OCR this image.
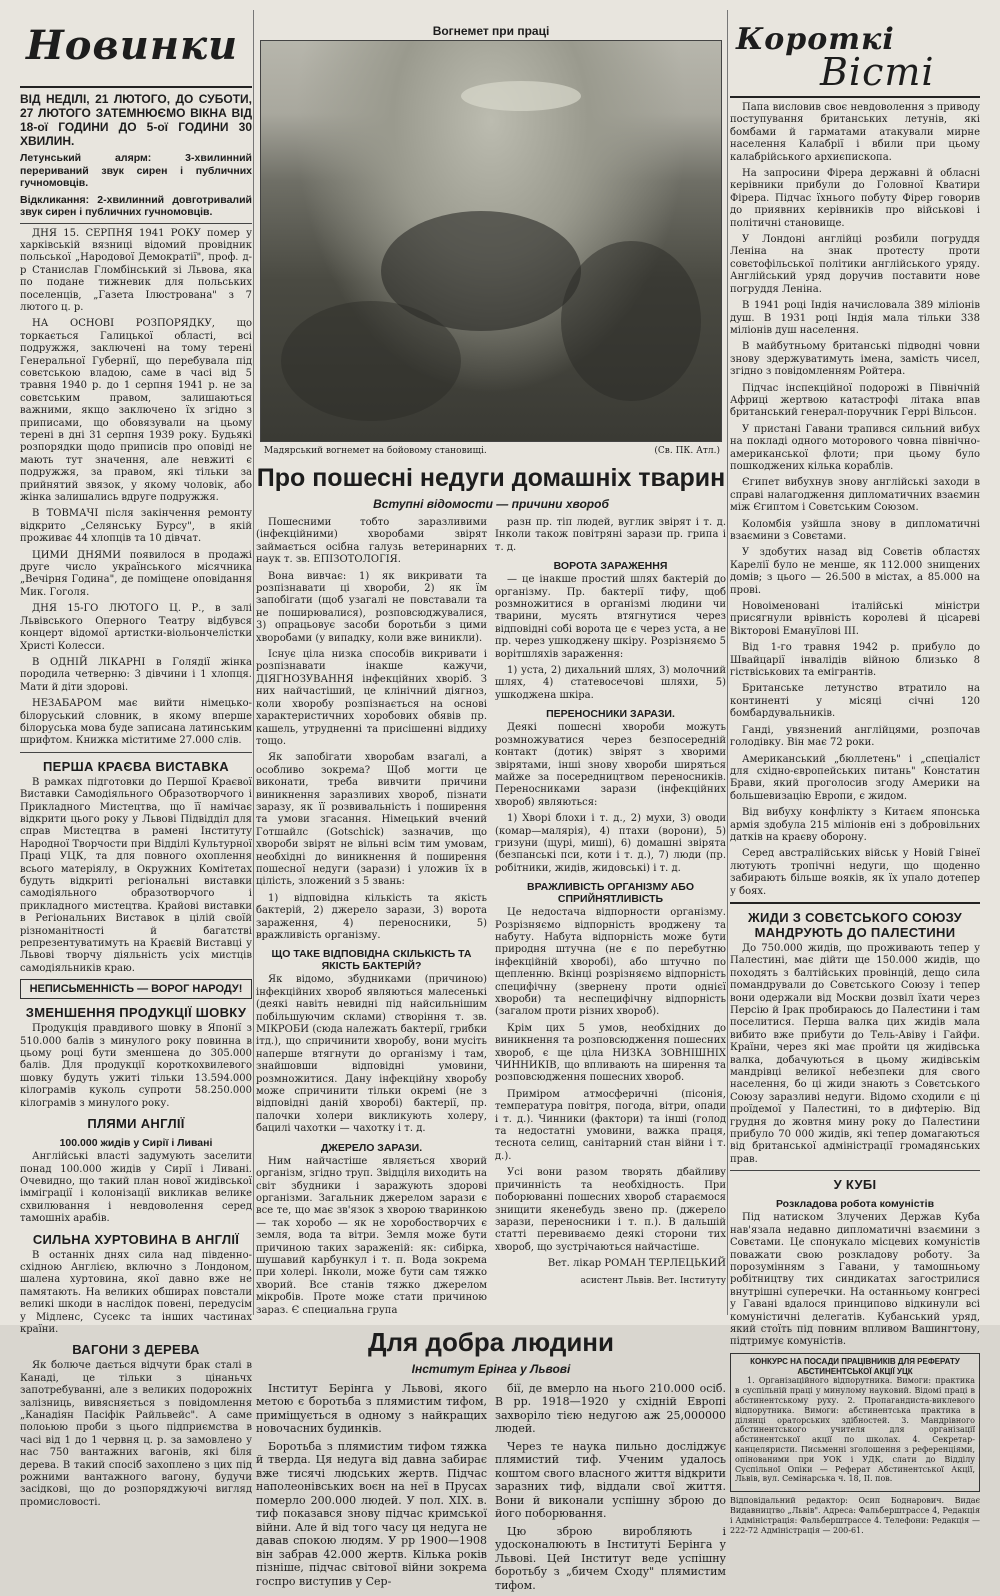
Новинки

ВІД НЕДІЛІ, 21 ЛЮТОГО, ДО СУБОТИ, 27 ЛЮТОГО ЗАТЕМНЮЄМО ВІКНА ВІД 18-ої ГОДИНИ ДО 5-ої ГОДИНИ 30 ХВИЛИН.

Летунський алярм: 3-хвилинний перериваний звук сирен і публичних гучномовців.

Відкликання: 2-хвилинний довготривалий звук сирен і публичних гучномовців.

ДНЯ 15. СЕРПНЯ 1941 РОКУ помер у харківській вязниці відомий провідник польської „Народової Демократії", проф. д-р Станислав Гломбінський зі Львова, яка по подане тижневик для польських поселенців, „Газета Ілюстрована" з 7 лютого ц. р.

НА ОСНОВІ РОЗПОРЯДКУ, що торкається Галицької області, всі подружжя, заключені на тому терені Генеральної Губернії, що перебувала під совєтською владою, саме в часі від 5 травня 1940 р. до 1 серпня 1941 р. не за совєтським правом, залишаються важними, якщо заключено їх згідно з приписами, що обовязували на цьому терені в дні 31 серпня 1939 року. Будьякі розпорядки щодо приписів про оповіді не мають тут значення, але невжиті є подружжя, за правом, які тільки за прийнятий звязок, у якому чоловік, або жінка залишались вдруге подружжя.

В ТОВМАЧІ після закінчення ремонту відкрито „Селянську Бурсу", в якій проживає 44 хлопців та 10 дівчат.

ЦИМИ ДНЯМИ появилося в продажі друге число українського місячника „Вечірня Година", де поміщене оповідання Мик. Гоголя.

ДНЯ 15-ГО ЛЮТОГО Ц. Р., в залі Львівського Оперного Театру відбувся концерт відомої артистки-віольончелістки Христі Колесси.

В ОДНІЙ ЛІКАРНІ в Голядії жінка породила четверню: 3 дівчини і 1 хлопця. Мати й діти здорові.

НЕЗАБАРОМ має вийти німецько-білоруський словник, в якому вперше білоруська мова буде записана латинським шрифтом. Книжка міститиме 27.000 слів.

ПЕРША КРАЄВА ВИСТАВКА

В рамках підготовки до Першої Краєвої Виставки Самодіяльного Образотворчого і Прикладного Мистецтва, що її намічає відкрити цього року у Львові Підвідділ для справ Мистецтва в рамені Інституту Народної Творчости при Відділі Культурної Праці УЦК, та для повного охоплення всього матеріялу, в Окружних Комітетах будуть відкриті регіональні виставки самодіяльного образотворчого і прикладного мистецтва. Крайові виставки в Регіональних Виставок в цілій своїй різноманітності й багатстві репрезентуватимуть на Краєвій Виставці у Львові творчу діяльність усіх мистців самодіяльників краю.

НЕПИСЬМЕННІСТЬ — ВОРОГ НАРОДУ!
ЗМЕНШЕННЯ ПРОДУКЦІЇ ШОВКУ

Продукція правдивого шовку в Японії з 510.000 балів з минулого року повинна в цьому році бути зменшена до 305.000 балів. Для продукції короткохвилевого шовку будуть ужиті тільки 13.594.000 кілограмів куколь супроти 58.250.000 кілограмів з минулого року.

ПЛЯМИ АНГЛІЇ
100.000 жидів у Сирії і Ливані

Англійські власті задумують заселити понад 100.000 жидів у Сирії і Ливані. Очевидно, що такий план нової жидівської імміграції і колонізації викликав велике схвилювання і невдоволення серед тамошніх арабів.

СИЛЬНА ХУРТОВИНА В АНГЛІЇ

В останніх днях сила над південно-східною Англією, включно з Лондоном, шалена хуртовина, якої давно вже не памятають. На великих обширах повстали великі шкоди в наслідок повені, передусім у Мідленс, Сусекс та інших частинах країни.

ВАГОНИ З ДЕРЕВА

Як болюче дається відчути брак сталі в Канаді, це тільки з цінаньчх запотребуванні, але з великих подорожніх залізниць, вивясняється з повідомлення „Канадіян Пасіфік Райльвейс". А саме полоьюю проби з цього підприємства в часі від 1 до 1 червня ц. р. за замовлено у нас 750 вантажних вагонів, які біля дерева. В такий спосіб захоплено з цих під рожними вантажного вагону, будучи засідкові, що до розпоряджуючі вигляд промисловості.

Вогнемет при праці
Мадярський вогнемет на бойовому становищі.	(Св. ПК. Атл.)
Про пошесні недуги домашніх тварин
Вступні відомости — причини хвороб

Пошесними тобто заразливими (інфекційними) хворобами звірят займається осібна галузь ветеринарних наук т. зв. ЕПІЗОТОЛОГІЯ.

Вона вивчає: 1) як викривати та розпізнавати ці хвороби, 2) як їм запобігати (щоб узагалі не повставали та не поширювалися), розповсюджувалися, 3) опрацьовує засоби боротьби з цими хворобами (у випадку, коли вже виникли).

Існує ціла низка способів викривати і розпізнавати інакше кажучи, ДІЯГНОЗУВАННЯ інфекційних хворіб. З них найчастіший, це клінічний діягноз, коли хворобу розпізнається на основі характеристичних хоробових обявів пр. кашель, утрудненні та присішенні віддиху тощо.

Як запобігати хворобам взагалі, а особливо зокрема? Щоб могти це виконати, треба вивчити причини виникнення заразливих хвороб, пізнати заразу, як її розвивальність і поширення та умови згасання. Німецький вчений Готшайлс (Gotschick) зазначив, що хвороби звірят не вільні всім тим умовам, необхідні до виникнення й поширення пошесної недуги (зарази) і уложив їх в цілість, зложений з 5 звань:

1) відповідна кількість та якість бактерій, 2) джерело зарази, 3) ворота зараження, 4) переносники, 5) вражливість організму.

ЩО ТАКЕ ВІДПОВІДНА СКІЛЬКІСТЬ ТА ЯКІСТЬ БАКТЕРІЙ?

Як відомо, збудниками (причиною) інфекційних хвороб являються малесенькі (деякі навіть невидні під найсильнішим побільшуючим склами) створіння т. зв. МІКРОБИ (сюда належать бактерії, грибки ітд.), що спричинити хворобу, вони мусіть наперше втягнути до організму і там, знайшовши відповідні умовини, розмножитися. Дану інфекційну хворобу може спричинити тільки окремі (не з відповідні даній хворобі) бактерії, пр. палочки холери викликують холеру, бацилі чахотки — чахотку і т. д.

ДЖЕРЕЛО ЗАРАЗИ.

Ним найчастіше являється хворий організм, згідно труп. Звідціля виходить на світ збудники і заражують здорові організми. Загальник джерелом зарази є все те, що має зв'язок з хворою тваринкою — так хоробо — як не хоробостворчих є земля, вода та вітри. Земля може бути причиною таких зараженій: як: сибірка, шушавий карбункул і т. п. Вода зокрема при холері. Інколи, може бути сам тяжко хворий. Все станів тяжко джерелом мікробів. Проте може стати причиною зараз. Є специальна група

разн пр. тіп людей, вуглик звірят і т. д. Інколи також повітряні зарази пр. грипа і т. д.

ВОРОТА ЗАРАЖЕННЯ

— це інакше простий шлях бактерій до організму. Пр. бактерії тифу, щоб розмножитися в організмі людини чи тварини, мусять втягнутися через відповідні собі ворота це є через уста, а не пр. через ушкоджену шкіру. Розрізняємо 5 ворітшляхів зараження:

1) уста, 2) дихальний шлях, 3) молочний шлях, 4) статевосечові шляхи, 5) ушкоджена шкіра.

ПЕРЕНОСНИКИ ЗАРАЗИ.

Деякі пошесні хвороби можуть розмножуватися через безпосередній контакт (дотик) звірят з хворими звірятами, інші знову хвороби ширяться майже за посередництвом переносників. Переносниками зарази (інфекційних хвороб) являються:

1) Хворі блохи і т. д., 2) мухи, 3) оводи (комар—малярія), 4) птахи (ворони), 5) гризуни (щурі, миші), 6) домашні звірята (безпанські пси, коти і т. д.), 7) люди (пр. робітники, жидів, жидовські) і т. д.

ВРАЖЛИВІСТЬ ОРГАНІЗМУ АБО СПРИЙНЯТЛИВІСТЬ

Це недостача відпорности організму. Розрізняємо відпорність вроджену та набуту. Набута відпорність може бути природня штучна (не є по перебутню інфекційній хворобі), або штучно по щепленню. Вкінці розрізняємо відпорність специфічну (звернену проти однієї хвороби) та неспецифічну відпорність (загалом проти різних хвороб).

Крім цих 5 умов, необхідних до виникнення та розповсюдження пошесних хвороб, є ще ціла НИЗКА ЗОВНІШНІХ ЧИННИКІВ, що впливають на ширення та розповсюдження пошесних хвороб.

Приміром атмосферичні (пісонія, температура повітря, погода, вітри, опади і т. д.). Чинники (фактори) та інші (голод та недостатні умовини, важка праця, теснота селищ, санітарний стан війни і т. д.).

Усі вони разом творять дбайливу причинність та необхідность. При поборюванні пошесних хвороб стараємося знищити якенебудь звено пр. (джерело зарази, переносники і т. п.). В дальшій статті перевиваємо деякі сторони тих хвороб, що зустрічаються найчастіше.

Вет. лікар РОМАН ТЕРЛЕЦЬКИЙ

асистент Львів. Вет. Інституту

Для добра людини
Інститут Ерінга у Львові

Інститут Берінга у Львові, якого метою є боротьба з плямистим тифом, приміщується в одному з найкращих новочасних будинків.

Боротьба з плямистим тифом тяжка й тверда. Ця недуга від давна забирає вже тисячі людських жертв. Підчас наполеонівських воєн на неї в Прусах померло 200.000 людей. У пол. XIX. в. тиф показався знову підчас кримської війни. Але й від того часу ця недуга не давав спокою людям. У рр 1900—1908 він забрав 42.000 жертв. Кілька років пізніше, підчас світової війни зокрема госпро виступив у Сер-

бії, де вмерло на нього 210.000 осіб. В рр. 1918—1920 у східній Европі захворіло тією недугою аж 25,000000 людей.

Через те наука пильно досліджує плямистий тиф. Ученим удалось коштом свого власного життя відкрити зарaзних тиф, віддали свої життя. Вони й виконали успішну зброю до його поборювання.

Цю зброю виробляють і удосконалюють в Інституті Берінга у Львові. Цей Інститут веде успішну боротьбу з „бичем Сходу" плямистим тифом.

Короткі
Вісті

Папа висловив своє невдоволення з приводу поступування британських летунів, які бомбами й гарматами атакували мирне населення Калабрії і вбили при цьому калабрійського архиєпископа.

На запросини Фірера державні й обласні керівники прибули до Головної Кватири Фірера. Підчас їхнього побуту Фірер говорив до приявних керівників про військові і політичні становище.

У Лондоні англійці розбили погруддя Леніна на знак протесту проти совєтофільської політики англійського уряду. Англійський уряд доручив поставити нове погруддя Леніна.

В 1941 році Індія начисловала 389 міліонів душ. В 1931 році Індія мала тільки 338 міліонів душ населення.

В майбутньому британські підводні човни знову здержуватимуть імена, замість чисел, згідно з повідомленням Ройтера.

Підчас інспекційної подорожі в Північній Африці жертвою катастрофі літака впав британський генерал-поручник Геррі Вільсон.

У пристані Гавани трапився сильний вибух на покладі одного моторового човна північно-американської флоти; при цьому було пошкоджених кілька кораблів.

Єгипет вибухнув знову англійські заходи в справі налагодження дипломатичних взаємин між Єгиптом і Совєтським Союзом.

Коломбія узйшла знову в дипломатичні взаємини з Совєтами.

У здобутих назад від Совєтів областях Карелії було не менше, як 112.000 знищених домів; з цього — 26.500 в містах, а 85.000 на прові.

Новоіменовані італійські міністри присягнули врівність королеві й цісареві Вікторові Емануїлові III.

Від 1-го травня 1942 р. прибуло до Швайцарії інвалідів війною близько 8 гіствіськових та емігрантів.

Британське летунство втратило на континенті у місяці січні 120 бомбардувальників.

Ганді, увязнений англійцями, розпочав голодівку. Він має 72 роки.

Американський „бюллетень" і „спеціаліст для східно-європейських питань" Констатин Брави, який проголосив згоду Америки на большевизацію Европи, є жидом.

Від вибуху конфлікту з Китаєм японська армія здобула 215 міліонів ені з добровільних датків на краєву оборону.

Серед австралійських військ у Новій Гвінеї лютують тропічні недуги, що щоденно забирають більше вояків, як їх упало дотепер у боях.

ЖИДИ З СОВЄТСЬКОГО СОЮЗУ МАНДРУЮТЬ ДО ПАЛЕСТИНИ

До 750.000 жидів, що проживають тепер у Палестині, має дійти ще 150.000 жидів, що походять з балтійських провінцій, дещо сила помандрували до Совєтського Союзу і тепер вони одержали від Москви дозвіл їхати через Персію й Ірак пробираюсь до Палестини і там поселитися. Перша валка цих жидів мала вибито вже прибути до Тель-Авіву і Гайфи. Країни, через які має пройти ця жидівська валка, добачуються в цьому жидівськім мандрівці великої небезпеки для свого населення, бо ці жиди знають з Совєтського Союзу заразливі недуги. Відомо сходили є ці проїдемої у Палестині, то в дифтерію. Від грудня до жовтня мину року до Палестини прибуло 70 000 жидів, які тепер домагаються від британської адміністрації громадянських прав.

У КУБІ
Розкладова робота комуністів

Під натиском Злучених Держав Куба нав'язала недавно дипломатичні взаємини з Совєтами. Це спонукало місцевих комуністів поважати свою розкладову роботу. За порозумінням з Гавани, у тамошньому робітництву тих синдикатах загострилися внутрішні суперечки. На останньому конгресі у Гавані вдалося принципово відкинули всі комуністичні делегатів. Кубанський уряд, який стоїть під повним впливом Вашингтону, підтримує комуністів.

КОНКУРС НА ПОСАДИ ПРАЦІВНИКІВ ДЛЯ РЕФЕРАТУ АБСТИНЕНТСЬКОЇ АКЦІЇ УЦК

1. Організаційного відпорутника. Вимоги: практика в суспільній праці у минулому науковий. Відомі праці в абстинентському руху. 2. Пропагандиста-виклевого відпорутника. Вимоги: абстинентська практика в ділянці ораторських здібностей. 3. Мандрівного абстинентського учителя для організації абстинентської акції по школах. 4. Секретар-канцеляристи. Письменні зголошення з референціями, опінованими при УОК і УДК, слати до Відділу Суспільної Опіки — Реферат Абстинентської Акції, Львів, вул. Семінарська ч. 18, II. пов.

Відповідальний редактор: Осип Боднарович. Видає Видавництво „Львів". Адреса: Фальберштрассе 4, Редакція і Адміністрація: Фальберштрассе 4. Телефони: Редакція — 222-72 Адміністрація — 200-61.
